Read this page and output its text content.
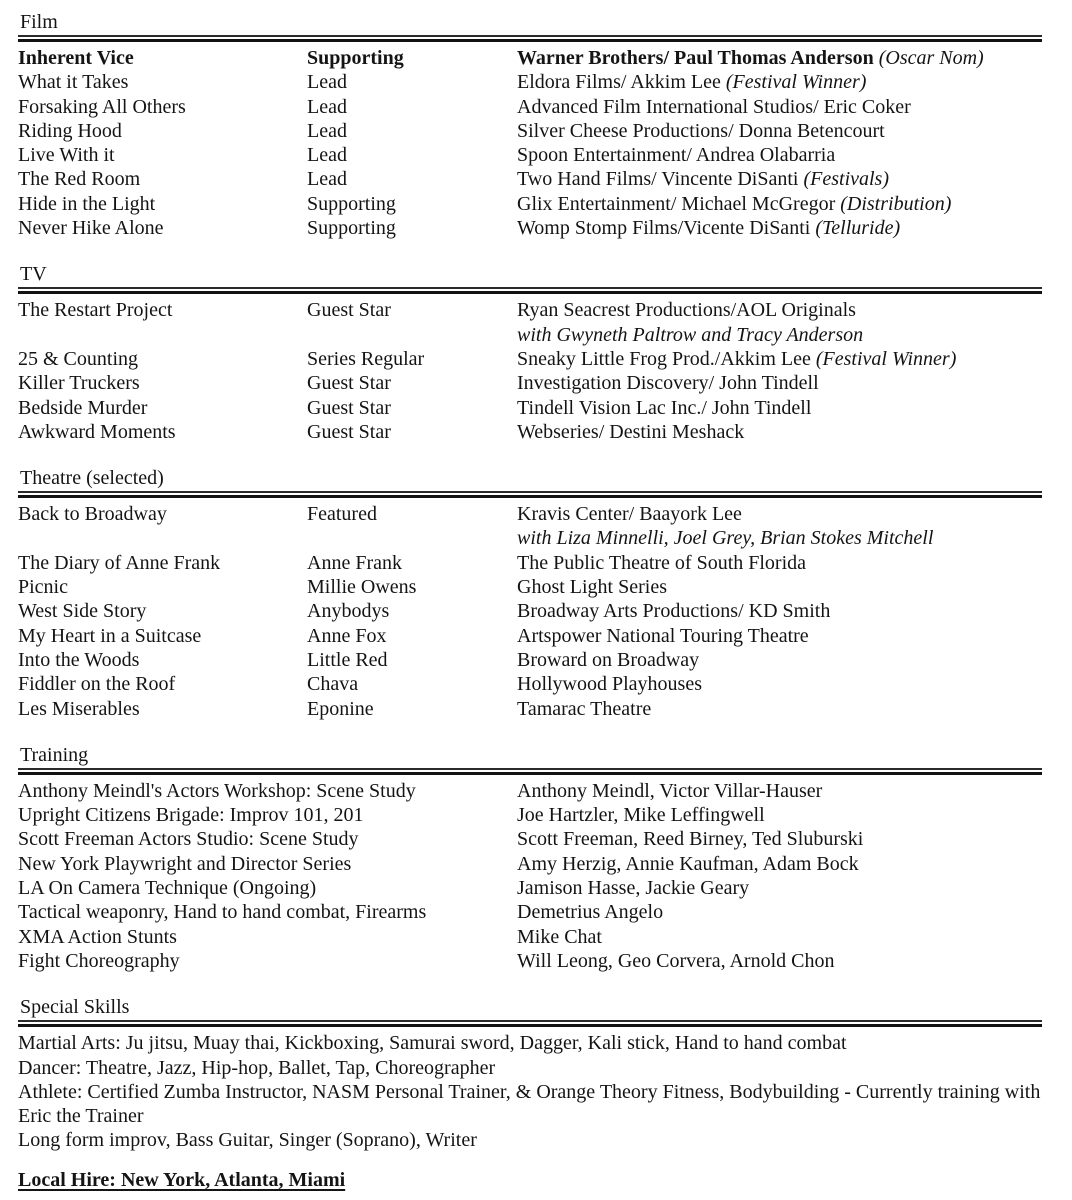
Film
Inherent Vice	Supporting	Warner Brothers/ Paul Thomas Anderson (Oscar Nom)
What it Takes	Lead	Eldora Films/ Akkim Lee (Festival Winner)
Forsaking All Others	Lead	Advanced Film International Studios/ Eric Coker
Riding Hood	Lead	Silver Cheese Productions/ Donna Betencourt
Live With it	Lead	Spoon Entertainment/ Andrea Olabarria
The Red Room	Lead	Two Hand Films/ Vincente DiSanti (Festivals)
Hide in the Light	Supporting	Glix Entertainment/ Michael McGregor (Distribution)
Never Hike Alone	Supporting	Womp Stomp Films/Vicente DiSanti (Telluride)
TV
The Restart Project	Guest Star	Ryan Seacrest Productions/AOL Originals
with Gwyneth Paltrow and Tracy Anderson
25 & Counting	Series Regular	Sneaky Little Frog Prod./Akkim Lee (Festival Winner)
Killer Truckers	Guest Star	Investigation Discovery/ John Tindell
Bedside Murder	Guest Star	Tindell Vision Lac Inc./ John Tindell
Awkward Moments	Guest Star	Webseries/ Destini Meshack
Theatre (selected)
Back to Broadway	Featured	Kravis Center/ Baayork Lee
with Liza Minnelli, Joel Grey, Brian Stokes Mitchell
The Diary of Anne Frank	Anne Frank	The Public Theatre of South Florida
Picnic	Millie Owens	Ghost Light Series
West Side Story	Anybodys	Broadway Arts Productions/ KD Smith
My Heart in a Suitcase	Anne Fox	Artspower National Touring Theatre
Into the Woods	Little Red	Broward on Broadway
Fiddler on the Roof	Chava	Hollywood Playhouses
Les Miserables	Eponine	Tamarac Theatre
Training
Anthony Meindl's Actors Workshop: Scene Study	Anthony Meindl, Victor Villar-Hauser
Upright Citizens Brigade: Improv 101, 201	Joe Hartzler, Mike Leffingwell
Scott Freeman Actors Studio: Scene Study	Scott Freeman, Reed Birney, Ted Sluburski
New York Playwright and Director Series	Amy Herzig, Annie Kaufman, Adam Bock
LA On Camera Technique (Ongoing)	Jamison Hasse, Jackie Geary
Tactical weaponry, Hand to hand combat, Firearms	Demetrius Angelo
XMA Action Stunts	Mike Chat
Fight Choreography	Will Leong, Geo Corvera, Arnold Chon
Special Skills
Martial Arts: Ju jitsu, Muay thai, Kickboxing, Samurai sword, Dagger, Kali stick, Hand to hand combat
Dancer: Theatre, Jazz, Hip-hop, Ballet, Tap, Choreographer
Athlete: Certified Zumba Instructor, NASM Personal Trainer, & Orange Theory Fitness, Bodybuilding - Currently training with Eric the Trainer
Long form improv, Bass Guitar, Singer (Soprano), Writer
Local Hire: New York, Atlanta, Miami
